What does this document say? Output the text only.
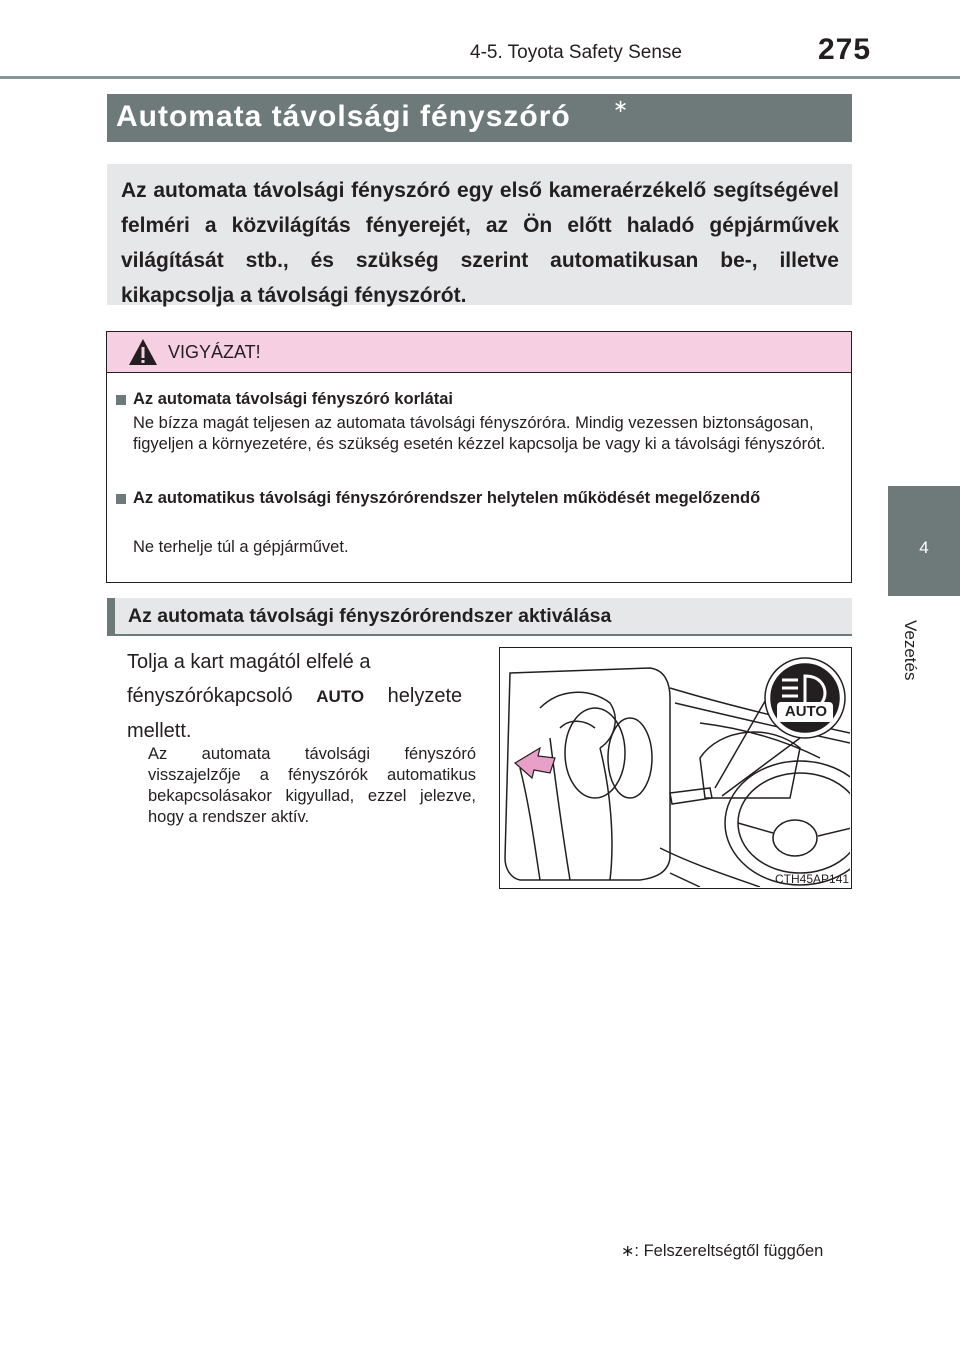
4-5. Toyota Safety Sense	275
4
Vezetés
Automata távolsági fényszóró ∗
Az automata távolsági fényszóró egy első kameraérzékelő segítségével felméri a közvilágítás fényerejét, az Ön előtt haladó gépjárművek világítását stb., és szükség szerint automatikusan be-, illetve kikapcsolja a távolsági fényszórót.
VIGYÁZAT!
Az automata távolsági fényszóró korlátai
Ne bízza magát teljesen az automata távolsági fényszóróra. Mindig vezessen biztonságosan, figyeljen a környezetére, és szükség esetén kézzel kapcsolja be vagy ki a távolsági fényszórót.
Az automatikus távolsági fényszórórendszer helytelen működését megelőzendő
Ne terhelje túl a gépjárművet.
Az automata távolsági fényszórórendszer aktiválása
Tolja a kart magától elfelé a fényszórókapcsoló AUTO helyzete mellett.
Az automata távolsági fényszóró visszajelzője a fényszórók automatikus bekapcsolásakor kigyullad, ezzel jelezve, hogy a rendszer aktív.
AUTO
CTH45AP141
∗: Felszereltségtől függően
